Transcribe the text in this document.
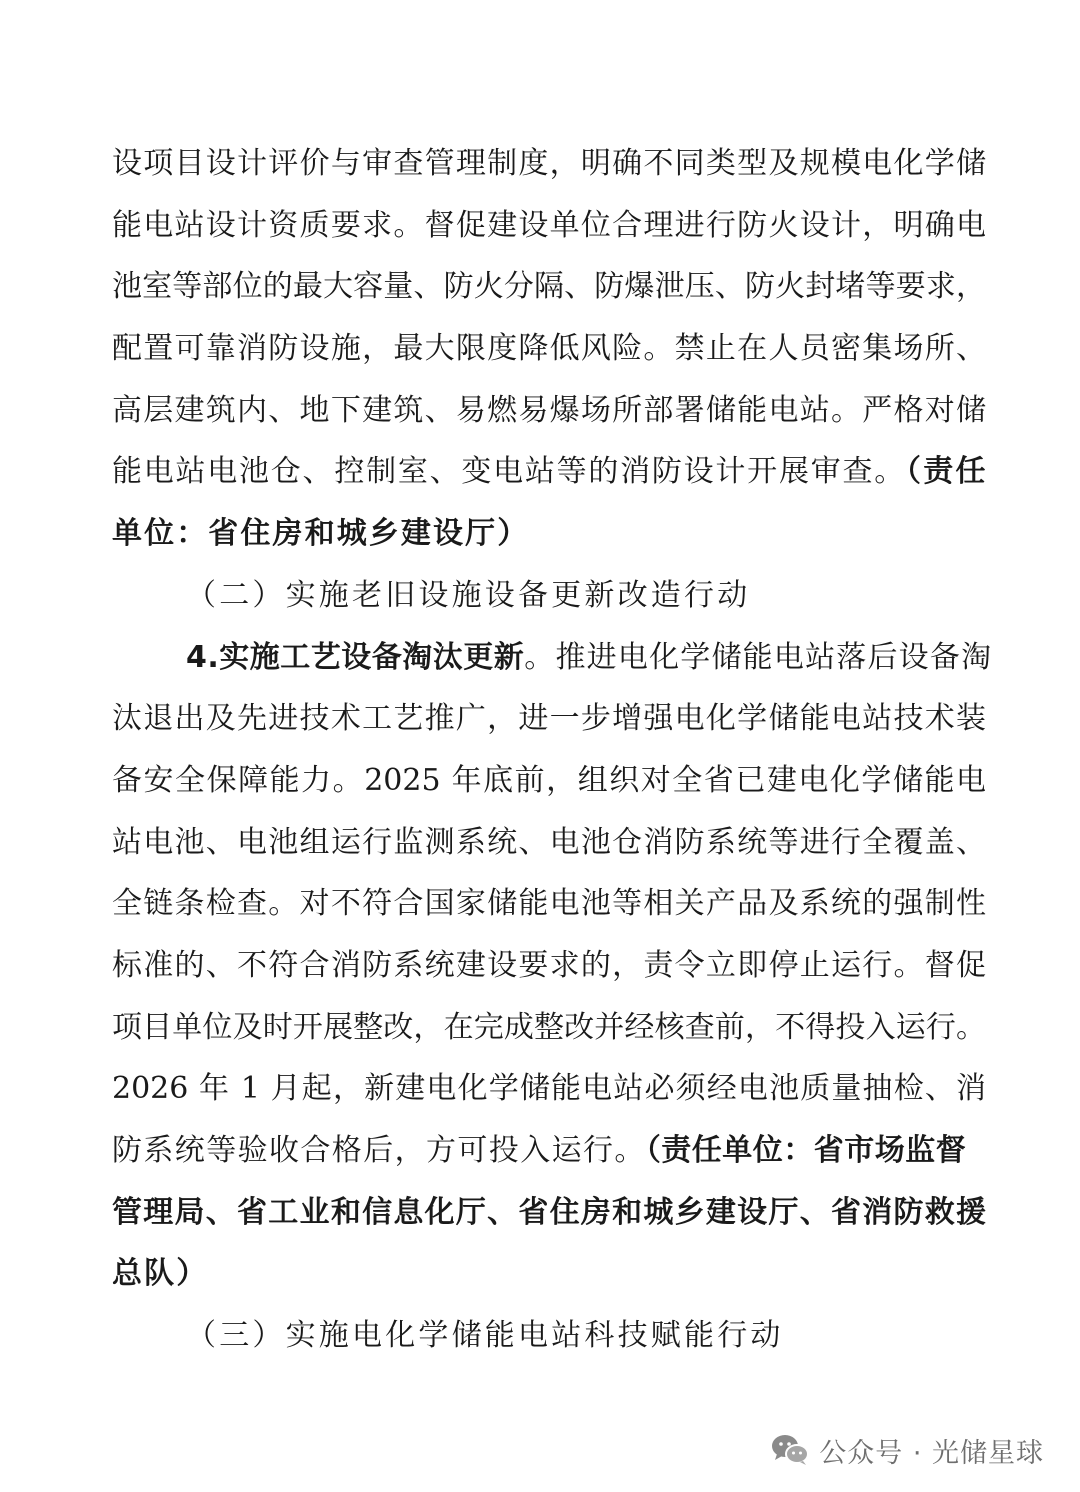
设项目设计评价与审查管理制度，明确不同类型及规模电化学储
能电站设计资质要求。督促建设单位合理进行防火设计，明确电
池室等部位的最大容量、防火分隔、防爆泄压、防火封堵等要求，
配置可靠消防设施，最大限度降低风险。禁止在人员密集场所、
高层建筑内、地下建筑、易燃易爆场所部署储能电站。严格对储
能电站电池仓、控制室、变电站等的消防设计开展审查。（责任
单位：省住房和城乡建设厅）
（二）实施老旧设施设备更新改造行动
4.实施工艺设备淘汰更新。推进电化学储能电站落后设备淘
汰退出及先进技术工艺推广，进一步增强电化学储能电站技术装
备安全保障能力。2025 年底前，组织对全省已建电化学储能电
站电池、电池组运行监测系统、电池仓消防系统等进行全覆盖、
全链条检查。对不符合国家储能电池等相关产品及系统的强制性
标准的、不符合消防系统建设要求的，责令立即停止运行。督促
项目单位及时开展整改，在完成整改并经核查前，不得投入运行。
2026 年 1 月起，新建电化学储能电站必须经电池质量抽检、消
防系统等验收合格后，方可投入运行。（责任单位：省市场监督
管理局、省工业和信息化厅、省住房和城乡建设厅、省消防救援
总队）
（三）实施电化学储能电站科技赋能行动
公众号 · 光储星球
